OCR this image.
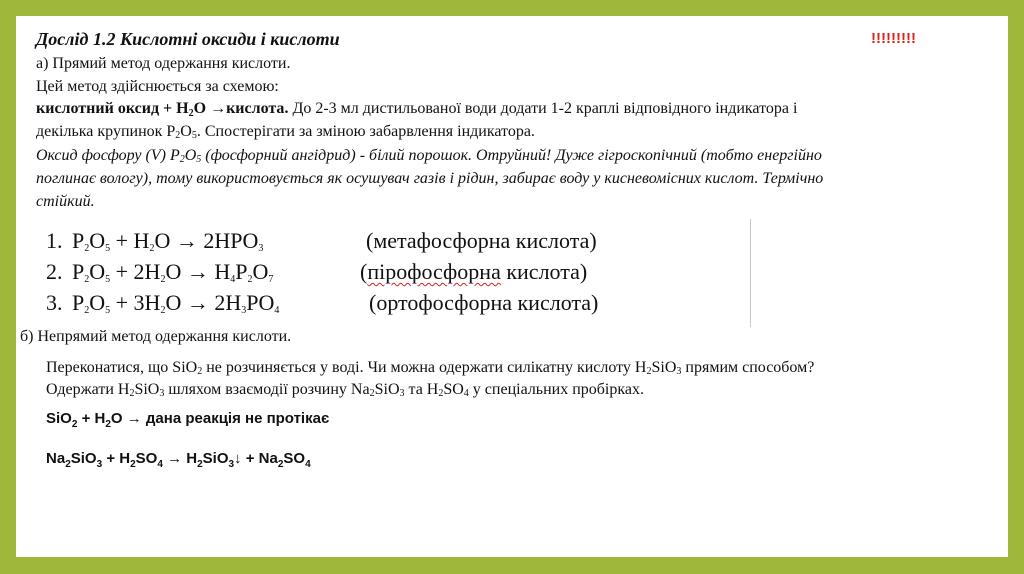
Дослід 1.2 Кислотні оксиди і кислоти	!!!!!!!!!
а) Прямий метод одержання кислоти.
Цей метод здійснюється за схемою:
кислотний оксид + $H_2O$ →кислота. До 2-3 мл дистильованої води додати 1-2 краплі відповідного індикатора і
декілька крупинок P2O5. Спостерігати за зміною забарвлення індикатора.
Оксид фосфору (V) P2O5 (фосфорний ангідрид) - білий порошок. Отруйний! Дуже гігроскопічний (тобто енергійно
поглинає вологу), тому використовується як осушувач газів і рідин, забирає воду у кисневомісних кислот. Термічно
стійкий.
1. $P_2O_5 + H_2O \to 2HPO_3$	(метафосфорна кислота)
2. $P_2O_5 + 2H_2O \to H_4P_2O_7$	(пірофосфорна кислота)
3. $P_2O_5 + 3H_2O \to 2H_3PO_4$	(ортофосфорна кислота)
б) Непрямий метод одержання кислоти.
Переконатися, що SiO2 не розчиняється у воді. Чи можна одержати силікатну кислоту H2SiO3 прямим способом?
Одержати H2SiO3 шляхом взаємодії розчину Na2SiO3 та H2SO4 у спеціальних пробірках.
$SiO_2 + H_2O$ → дана реакція не протікає
$Na_2SiO_3 + H_2SO_4$ → $H_2SiO_3↓ + Na_2SO_4$
